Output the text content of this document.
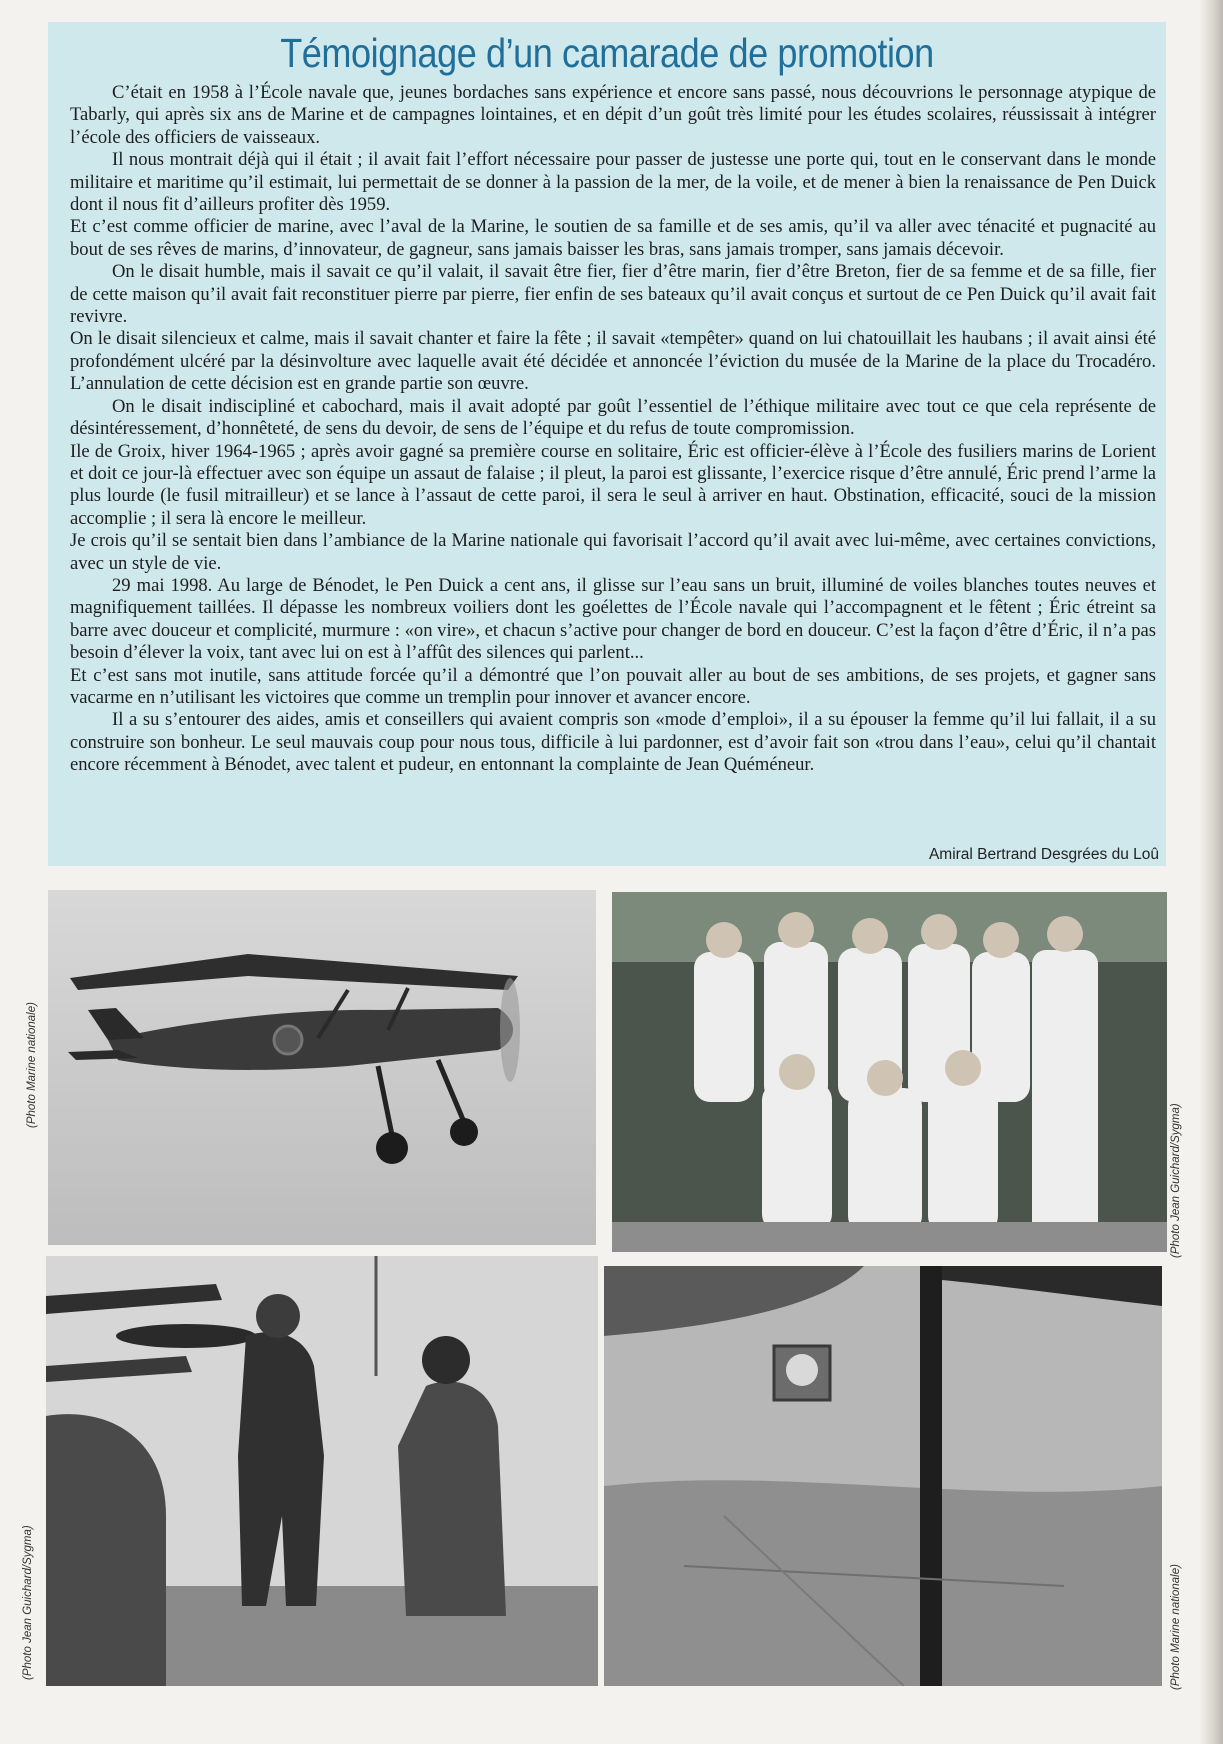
Témoignage d’un camarade de promotion

C’était en 1958 à l’École navale que, jeunes bordaches sans expérience et encore sans passé, nous découvrions le personnage atypique de Tabarly, qui après six ans de Marine et de campagnes lointaines, et en dépit d’un goût très limité pour les études scolaires, réussissait à intégrer l’école des officiers de vaisseaux.

Il nous montrait déjà qui il était ; il avait fait l’effort nécessaire pour passer de justesse une porte qui, tout en le conservant dans le monde militaire et maritime qu’il estimait, lui permettait de se donner à la passion de la mer, de la voile, et de mener à bien la renaissance de Pen Duick dont il nous fit d’ailleurs profiter dès 1959.

Et c’est comme officier de marine, avec l’aval de la Marine, le soutien de sa famille et de ses amis, qu’il va aller avec ténacité et pugnacité au bout de ses rêves de marins, d’innovateur, de gagneur, sans jamais baisser les bras, sans jamais tromper, sans jamais décevoir.

On le disait humble, mais il savait ce qu’il valait, il savait être fier, fier d’être marin, fier d’être Breton, fier de sa femme et de sa fille, fier de cette maison qu’il avait fait reconstituer pierre par pierre, fier enfin de ses bateaux qu’il avait conçus et surtout de ce Pen Duick qu’il avait fait revivre.

On le disait silencieux et calme, mais il savait chanter et faire la fête ; il savait «tempêter» quand on lui chatouillait les haubans ; il avait ainsi été profondément ulcéré par la désinvolture avec laquelle avait été décidée et annoncée l’éviction du musée de la Marine de la place du Trocadéro. L’annulation de cette décision est en grande partie son œuvre.

On le disait indiscipliné et cabochard, mais il avait adopté par goût l’essentiel de l’éthique militaire avec tout ce que cela représente de désintéressement, d’honnêteté, de sens du devoir, de sens de l’équipe et du refus de toute compromission.

Ile de Groix, hiver 1964-1965 ; après avoir gagné sa première course en solitaire, Éric est officier-élève à l’École des fusiliers marins de Lorient et doit ce jour-là effectuer avec son équipe un assaut de falaise ; il pleut, la paroi est glissante, l’exercice risque d’être annulé, Éric prend l’arme la plus lourde (le fusil mitrailleur) et se lance à l’assaut de cette paroi, il sera le seul à arriver en haut. Obstination, efficacité, souci de la mission accomplie ; il sera là encore le meilleur.

Je crois qu’il se sentait bien dans l’ambiance de la Marine nationale qui favorisait l’accord qu’il avait avec lui-même, avec certaines convictions, avec un style de vie.

29 mai 1998. Au large de Bénodet, le Pen Duick a cent ans, il glisse sur l’eau sans un bruit, illuminé de voiles blanches toutes neuves et magnifiquement taillées. Il dépasse les nombreux voiliers dont les goélettes de l’École navale qui l’accompagnent et le fêtent ; Éric étreint sa barre avec douceur et complicité, murmure : «on vire», et chacun s’active pour changer de bord en douceur. C’est la façon d’être d’Éric, il n’a pas besoin d’élever la voix, tant avec lui on est à l’affût des silences qui parlent...

Et c’est sans mot inutile, sans attitude forcée qu’il a démontré que l’on pouvait aller au bout de ses ambitions, de ses projets, et gagner sans vacarme en n’utilisant les victoires que comme un tremplin pour innover et avancer encore.

Il a su s’entourer des aides, amis et conseillers qui avaient compris son «mode d’emploi», il a su épouser la femme qu’il lui fallait, il a su construire son bonheur. Le seul mauvais coup pour nous tous, difficile à lui pardonner, est d’avoir fait son «trou dans l’eau», celui qu’il chantait encore récemment à Bénodet, avec talent et pudeur, en entonnant la complainte de Jean Quéméneur.

Amiral Bertrand Desgrées du Loû
(Photo Marine nationale)
(Photo Jean Guichard/Sygma)
(Photo Jean Guichard/Sygma)	(Photo Marine nationale)
